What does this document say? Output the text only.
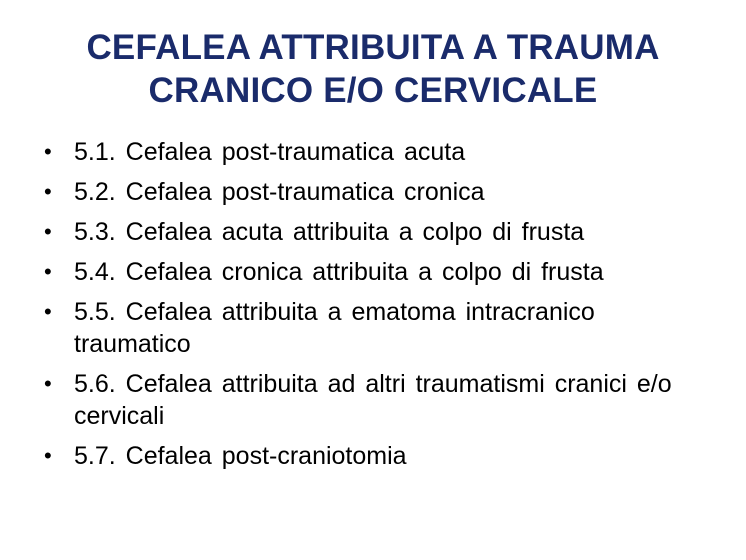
CEFALEA ATTRIBUITA A TRAUMA
CRANICO E/O CERVICALE
• 5.1. Cefalea post-traumatica acuta
• 5.2. Cefalea post-traumatica cronica
• 5.3. Cefalea acuta attribuita a colpo di frusta
• 5.4. Cefalea cronica attribuita a colpo di frusta
• 5.5. Cefalea attribuita a ematoma intracranico traumatico
• 5.6. Cefalea attribuita ad altri traumatismi cranici e/o cervicali
• 5.7. Cefalea post-craniotomia
